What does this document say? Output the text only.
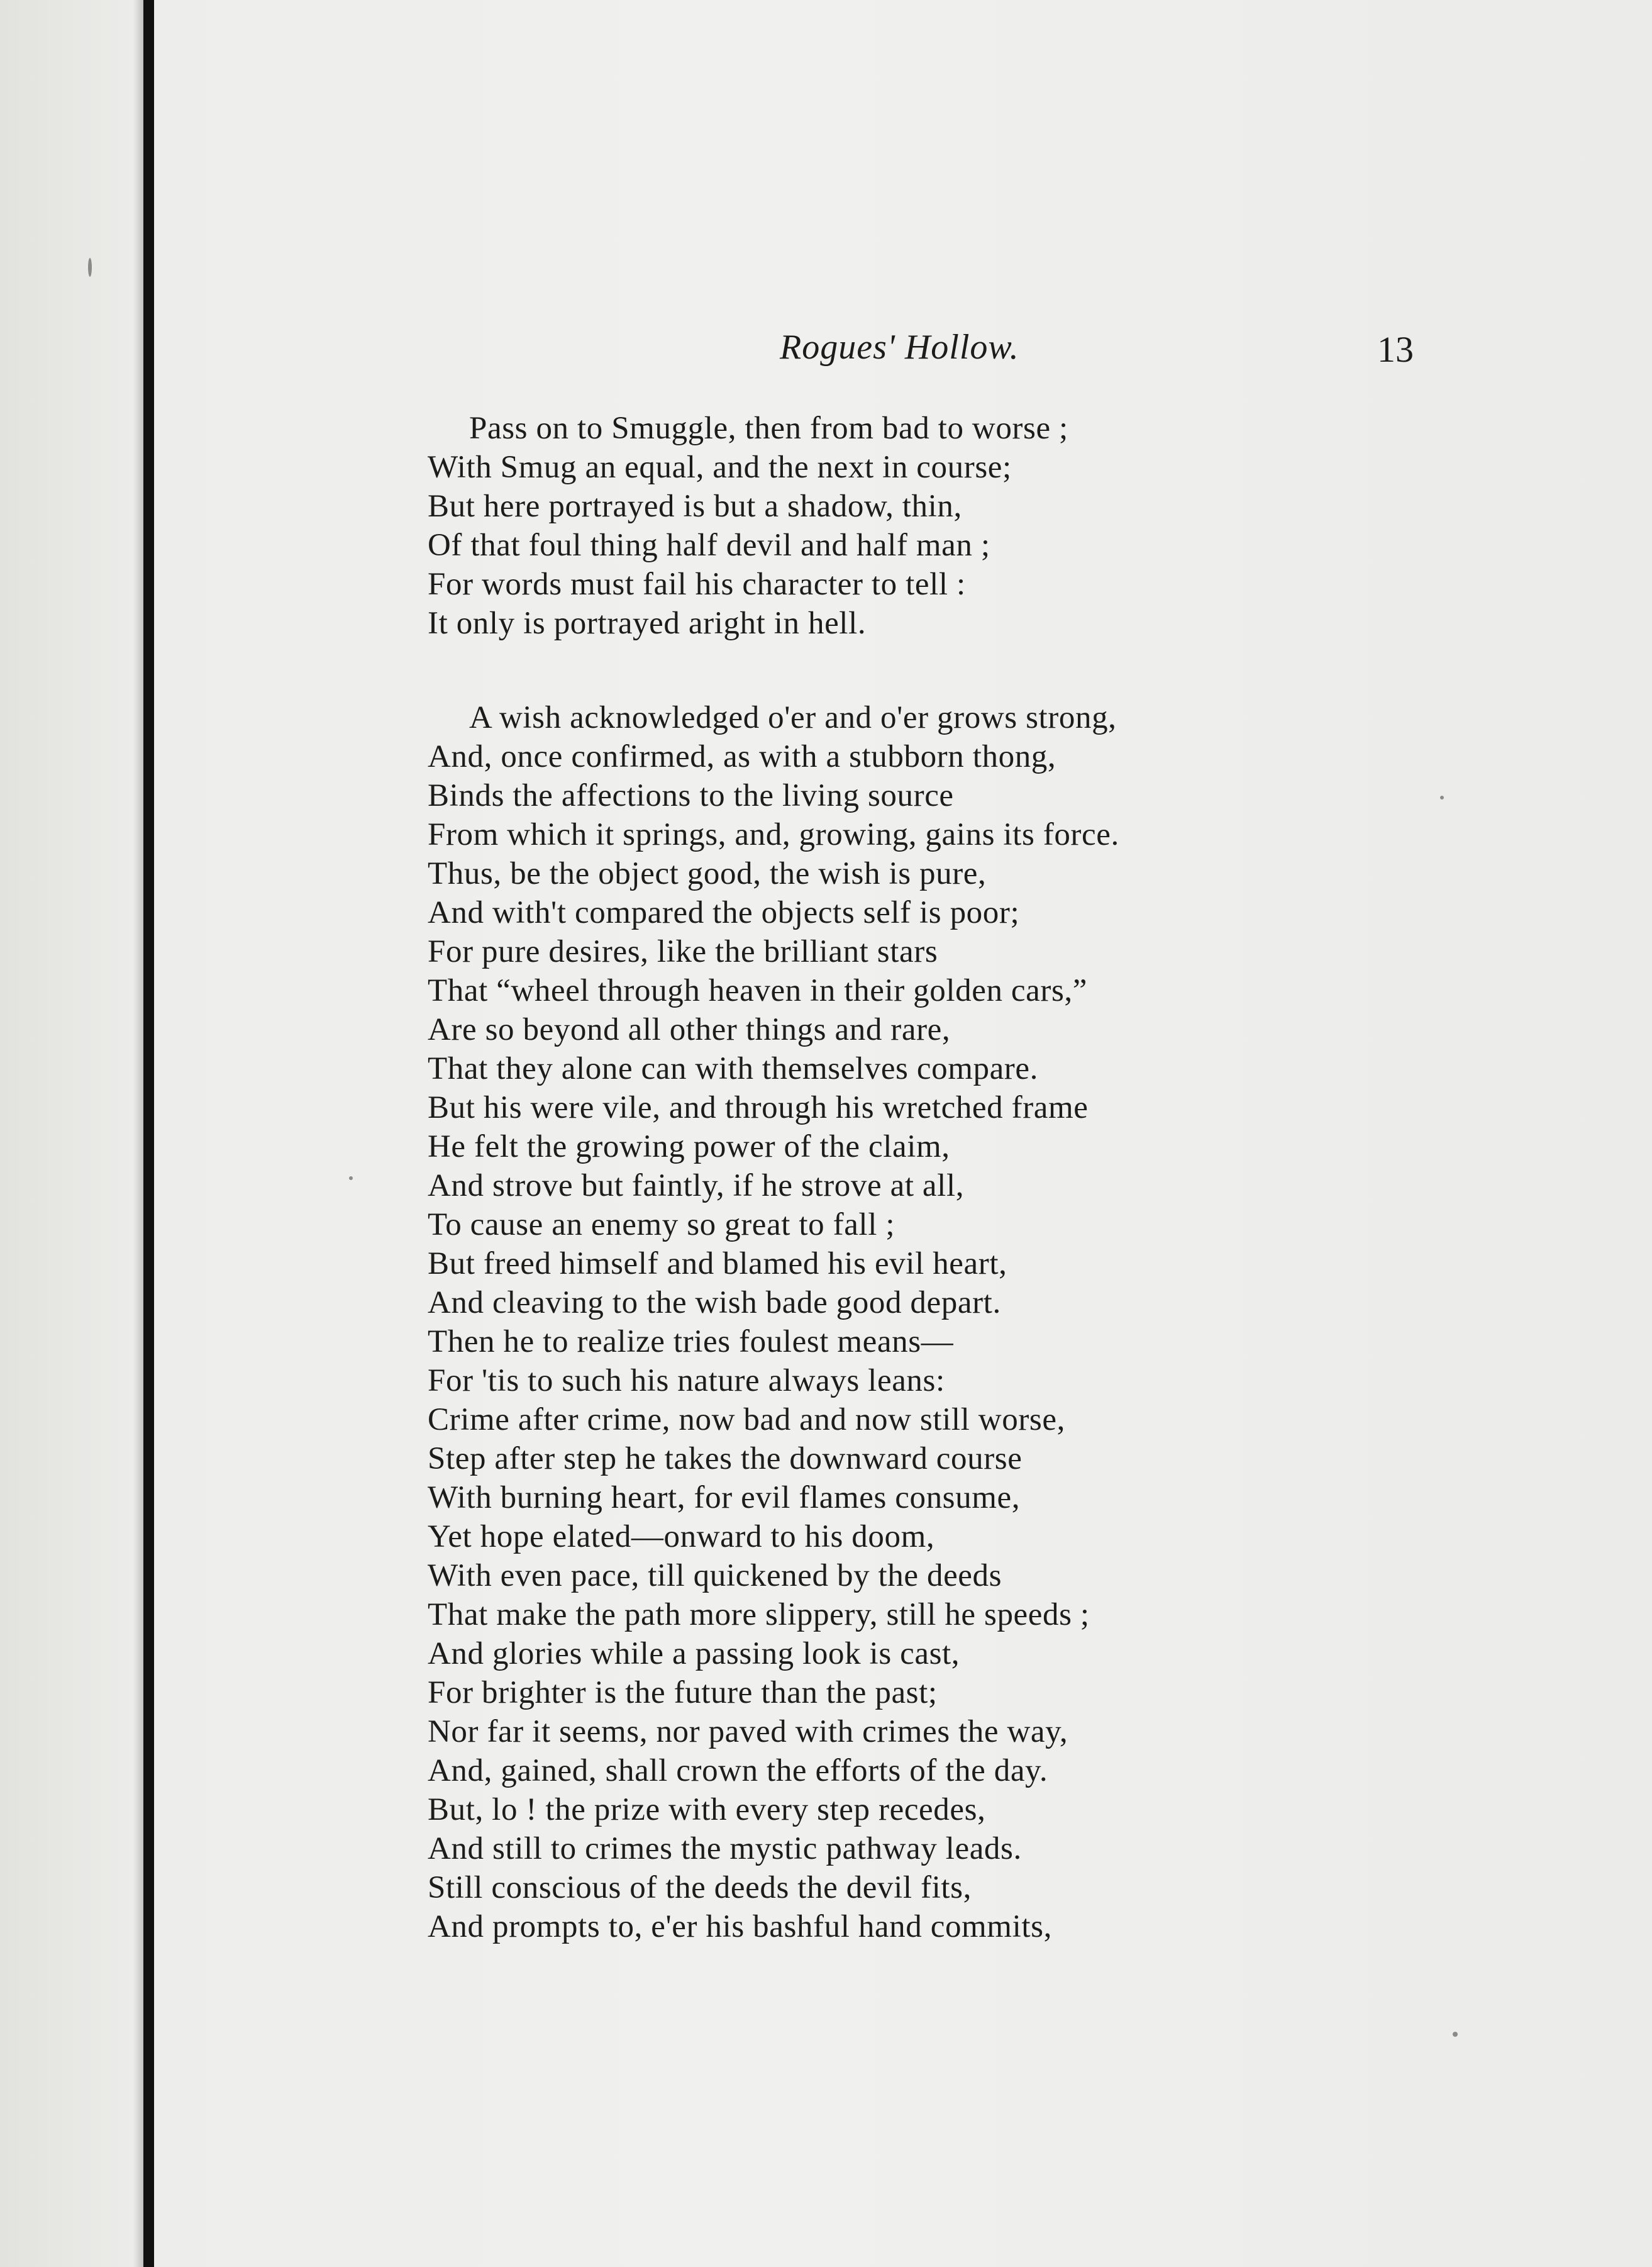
Rogues' Hollow.	13
Pass on to Smuggle, then from bad to worse ;
With Smug an equal, and the next in course;
But here portrayed is but a shadow, thin,
Of that foul thing half devil and half man ;
For words must fail his character to tell :
It only is portrayed aright in hell.
A wish acknowledged o'er and o'er grows strong,
And, once confirmed, as with a stubborn thong,
Binds the affections to the living source
From which it springs, and, growing, gains its force.
Thus, be the object good, the wish is pure,
And with't compared the objects self is poor;
For pure desires, like the brilliant stars
That “wheel through heaven in their golden cars,”
Are so beyond all other things and rare,
That they alone can with themselves compare.
But his were vile, and through his wretched frame
He felt the growing power of the claim,
And strove but faintly, if he strove at all,
To cause an enemy so great to fall ;
But freed himself and blamed his evil heart,
And cleaving to the wish bade good depart.
Then he to realize tries foulest means—
For 'tis to such his nature always leans:
Crime after crime, now bad and now still worse,
Step after step he takes the downward course
With burning heart, for evil flames consume,
Yet hope elated—onward to his doom,
With even pace, till quickened by the deeds
That make the path more slippery, still he speeds ;
And glories while a passing look is cast,
For brighter is the future than the past;
Nor far it seems, nor paved with crimes the way,
And, gained, shall crown the efforts of the day.
But, lo ! the prize with every step recedes,
And still to crimes the mystic pathway leads.
Still conscious of the deeds the devil fits,
And prompts to, e'er his bashful hand commits,
